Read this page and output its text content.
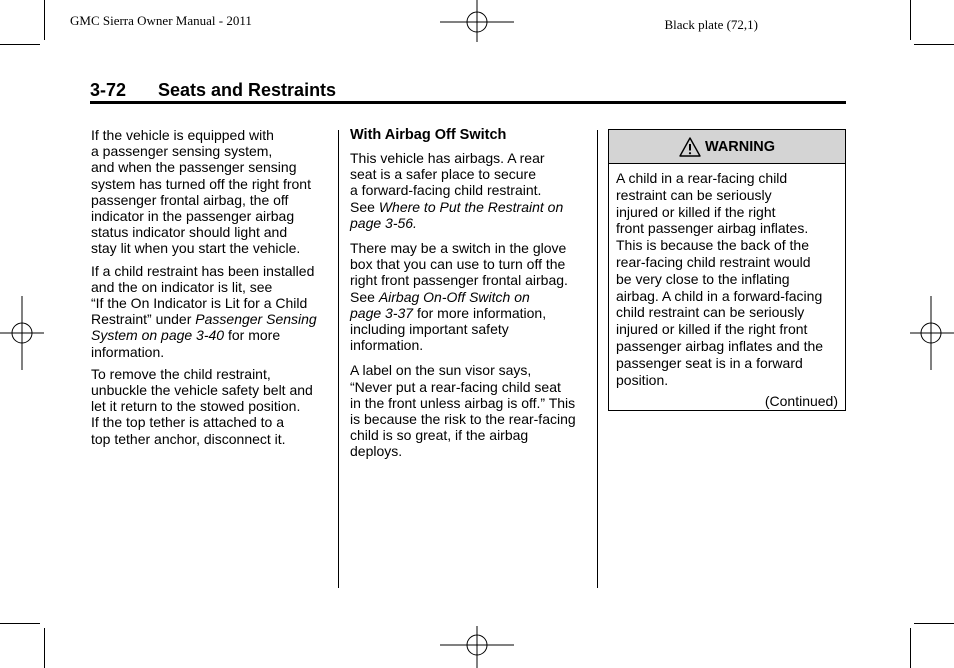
GMC Sierra Owner Manual - 2011	Black plate (72,1)
3-72 Seats and Restraints

If the vehicle is equipped with
a passenger sensing system,
and when the passenger sensing
system has turned off the right front
passenger frontal airbag, the off
indicator in the passenger airbag
status indicator should light and
stay lit when you start the vehicle.

If a child restraint has been installed
and the on indicator is lit, see
“If the On Indicator is Lit for a Child
Restraint” under Passenger Sensing
System on page 3-40 for more
information.

To remove the child restraint,
unbuckle the vehicle safety belt and
let it return to the stowed position.
If the top tether is attached to a
top tether anchor, disconnect it.

With Airbag Off Switch

This vehicle has airbags. A rear
seat is a safer place to secure
a forward-facing child restraint.
See Where to Put the Restraint on
page 3-56.

There may be a switch in the glove
box that you can use to turn off the
right front passenger frontal airbag.
See Airbag On-Off Switch on
page 3-37 for more information,
including important safety
information.

A label on the sun visor says,
“Never put a rear-facing child seat
in the front unless airbag is off.” This
is because the risk to the rear-facing
child is so great, if the airbag
deploys.

WARNING
A child in a rear-facing child
restraint can be seriously
injured or killed if the right
front passenger airbag inflates.
This is because the back of the
rear-facing child restraint would
be very close to the inflating
airbag. A child in a forward-facing
child restraint can be seriously
injured or killed if the right front
passenger airbag inflates and the
passenger seat is in a forward
position.
(Continued)
